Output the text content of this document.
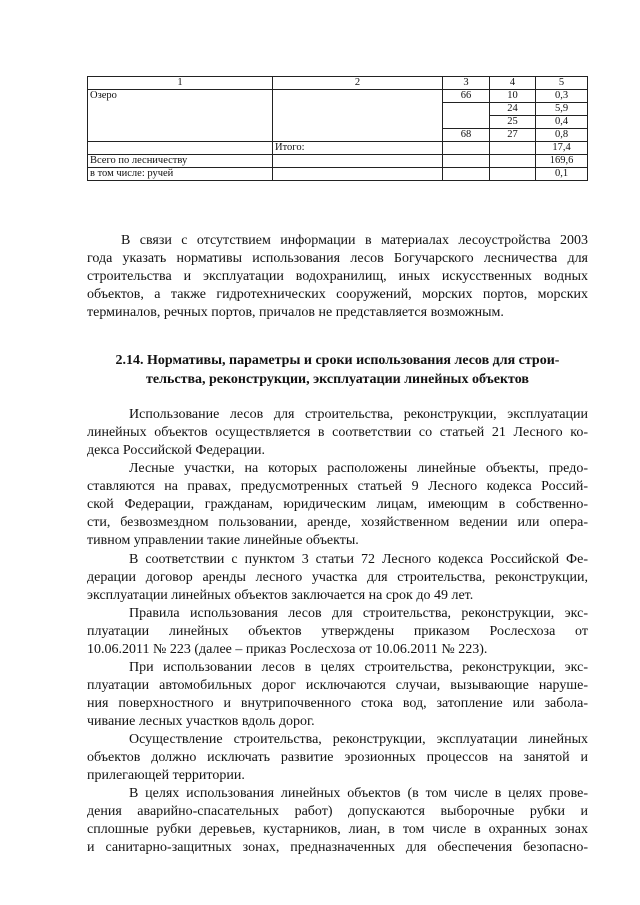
1	2	3	4	5
Озеро		66	10	0,3
			24	5,9
			25	0,4
		68	27	0,8
	Итого:			17,4
Всего по лесничеству				169,6
в том числе: ручей				0,1
В связи с отсутствием информации в материалах лесоустройства 2003
года указать нормативы использования лесов Богучарского лесничества для
строительства и эксплуатации водохранилищ, иных искусственных водных
объектов, а также гидротехнических сооружений, морских портов, морских
терминалов, речных портов, причалов не представляется возможным.
2.14. Нормативы, параметры и сроки использования лесов для строи-
тельства, реконструкции, эксплуатации линейных объектов
Использование лесов для строительства, реконструкции, эксплуатации
линейных объектов осуществляется в соответствии со статьей 21 Лесного ко-
декса Российской Федерации.
Лесные участки, на которых расположены линейные объекты, предо-
ставляются на правах, предусмотренных статьей 9 Лесного кодекса Россий-
ской Федерации, гражданам, юридическим лицам, имеющим в собственно-
сти, безвозмездном пользовании, аренде, хозяйственном ведении или опера-
тивном управлении такие линейные объекты.
В соответствии с пунктом 3 статьи 72 Лесного кодекса Российской Фе-
дерации договор аренды лесного участка для строительства, реконструкции,
эксплуатации линейных объектов заключается на срок до 49 лет.
Правила использования лесов для строительства, реконструкции, экс-
плуатации линейных объектов утверждены приказом Рослесхоза от
10.06.2011 № 223 (далее – приказ Рослесхоза от 10.06.2011 № 223).
При использовании лесов в целях строительства, реконструкции, экс-
плуатации автомобильных дорог исключаются случаи, вызывающие наруше-
ния поверхностного и внутрипочвенного стока вод, затопление или забола-
чивание лесных участков вдоль дорог.
Осуществление строительства, реконструкции, эксплуатации линейных
объектов должно исключать развитие эрозионных процессов на занятой и
прилегающей территории.
В целях использования линейных объектов (в том числе в целях прове-
дения аварийно-спасательных работ) допускаются выборочные рубки и
сплошные рубки деревьев, кустарников, лиан, в том числе в охранных зонах
и санитарно-защитных зонах, предназначенных для обеспечения безопасно-
